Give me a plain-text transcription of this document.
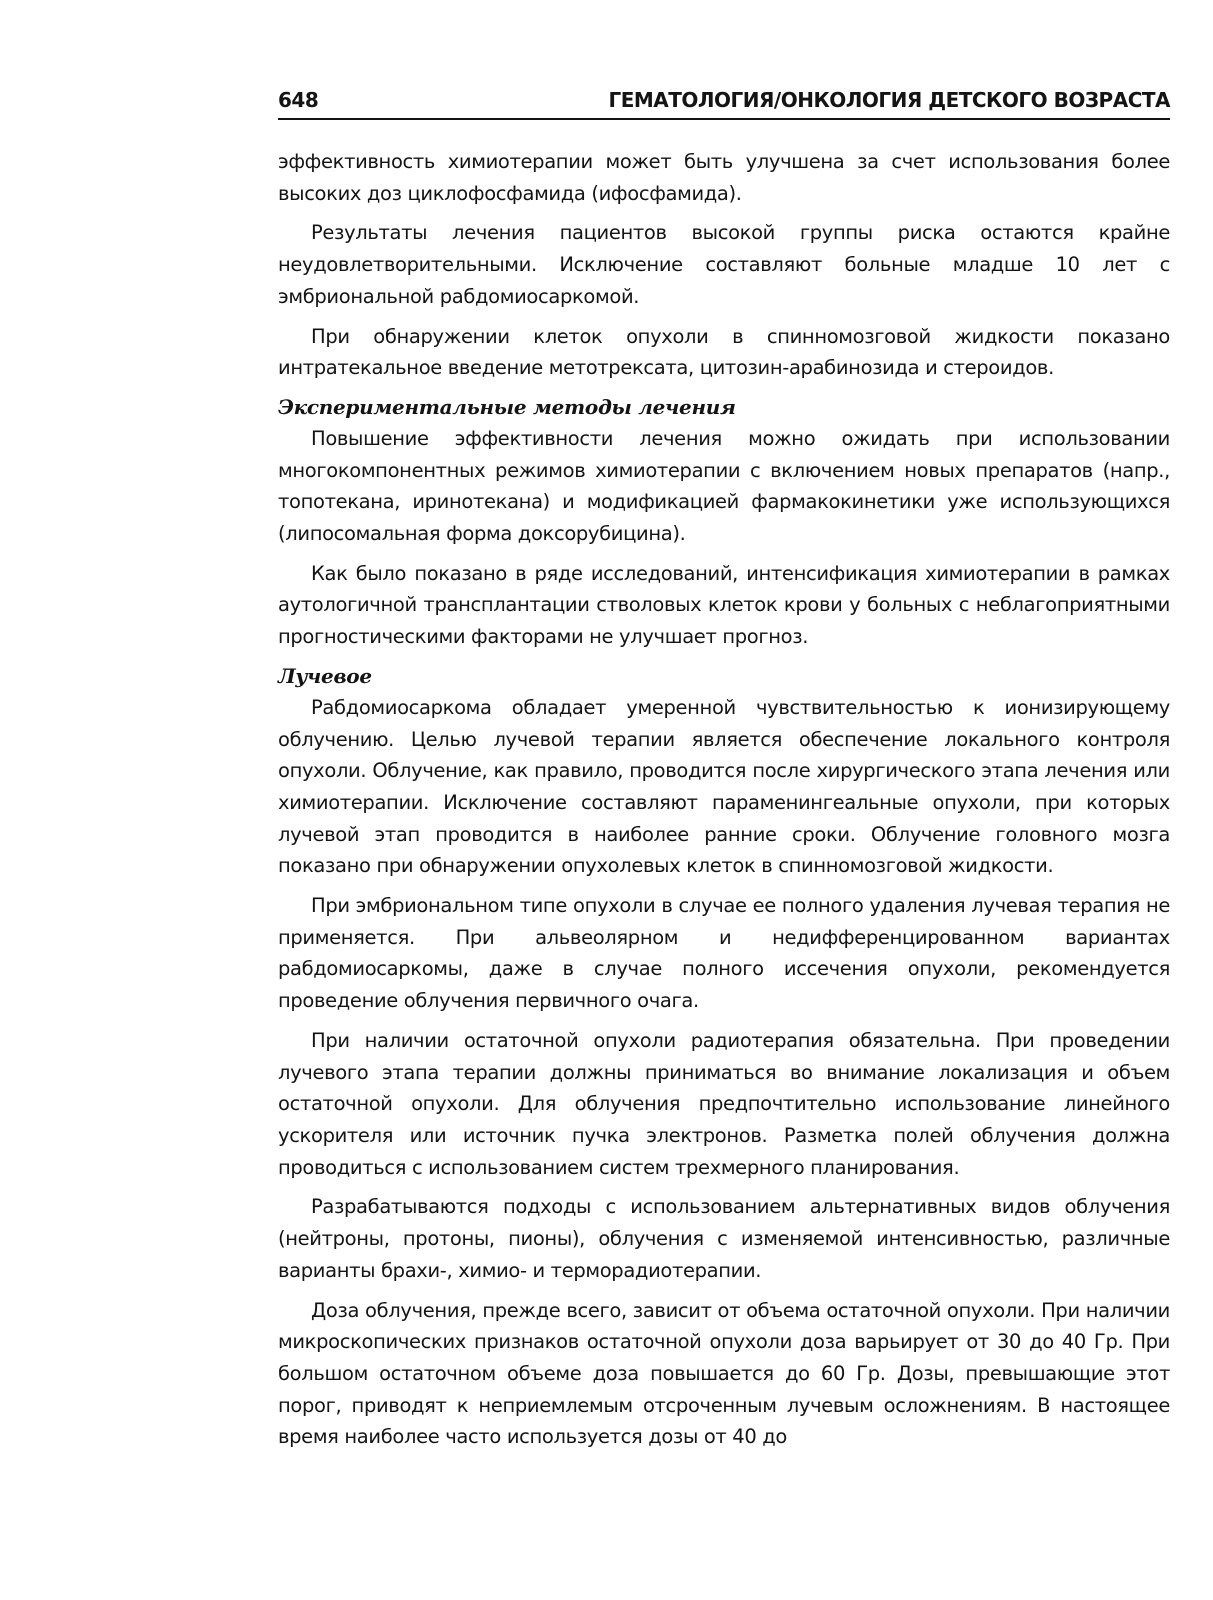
648	ГЕМАТОЛОГИЯ/ОНКОЛОГИЯ ДЕТСКОГО ВОЗРАСТА

эффективность химиотерапии может быть улучшена за счет использования более высоких доз циклофосфамида (ифосфамида).

Результаты лечения пациентов высокой группы риска остаются крайне неудовлетворительными. Исключение составляют больные младше 10 лет с эмбриональной рабдомиосаркомой.

При обнаружении клеток опухоли в спинномозговой жидкости показано интратекальное введение метотрексата, цитозин-арабинозида и стероидов.

Экспериментальные методы лечения

Повышение эффективности лечения можно ожидать при использовании многокомпонентных режимов химиотерапии с включением новых препаратов (напр., топотекана, иринотекана) и модификацией фармакокинетики уже использующихся (липосомальная форма доксорубицина).

Как было показано в ряде исследований, интенсификация химиотерапии в рамках аутологичной трансплантации стволовых клеток крови у больных с неблагоприятными прогностическими факторами не улучшает прогноз.

Лучевое

Рабдомиосаркома обладает умеренной чувствительностью к ионизирующему облучению. Целью лучевой терапии является обеспечение локального контроля опухоли. Облучение, как правило, проводится после хирургического этапа лечения или химиотерапии. Исключение составляют параменингеальные опухоли, при которых лучевой этап проводится в наиболее ранние сроки. Облучение головного мозга показано при обнаружении опухолевых клеток в спинномозговой жидкости.

При эмбриональном типе опухоли в случае ее полного удаления лучевая терапия не применяется. При альвеолярном и недифференцированном вариантах рабдомиосаркомы, даже в случае полного иссечения опухоли, рекомендуется проведение облучения первичного очага.

При наличии остаточной опухоли радиотерапия обязательна. При проведении лучевого этапа терапии должны приниматься во внимание локализация и объем остаточной опухоли. Для облучения предпочтительно использование линейного ускорителя или источник пучка электронов. Разметка полей облучения должна проводиться с использованием систем трехмерного планирования.

Разрабатываются подходы с использованием альтернативных видов облучения (нейтроны, протоны, пионы), облучения с изменяемой интенсивностью, различные варианты брахи-, химио- и терморадиотерапии.

Доза облучения, прежде всего, зависит от объема остаточной опухоли. При наличии микроскопических признаков остаточной опухоли доза варьирует от 30 до 40 Гр. При большом остаточном объеме доза повышается до 60 Гр. Дозы, превышающие этот порог, приводят к неприемлемым отсроченным лучевым осложнениям. В настоящее время наиболее часто используется дозы от 40 до
